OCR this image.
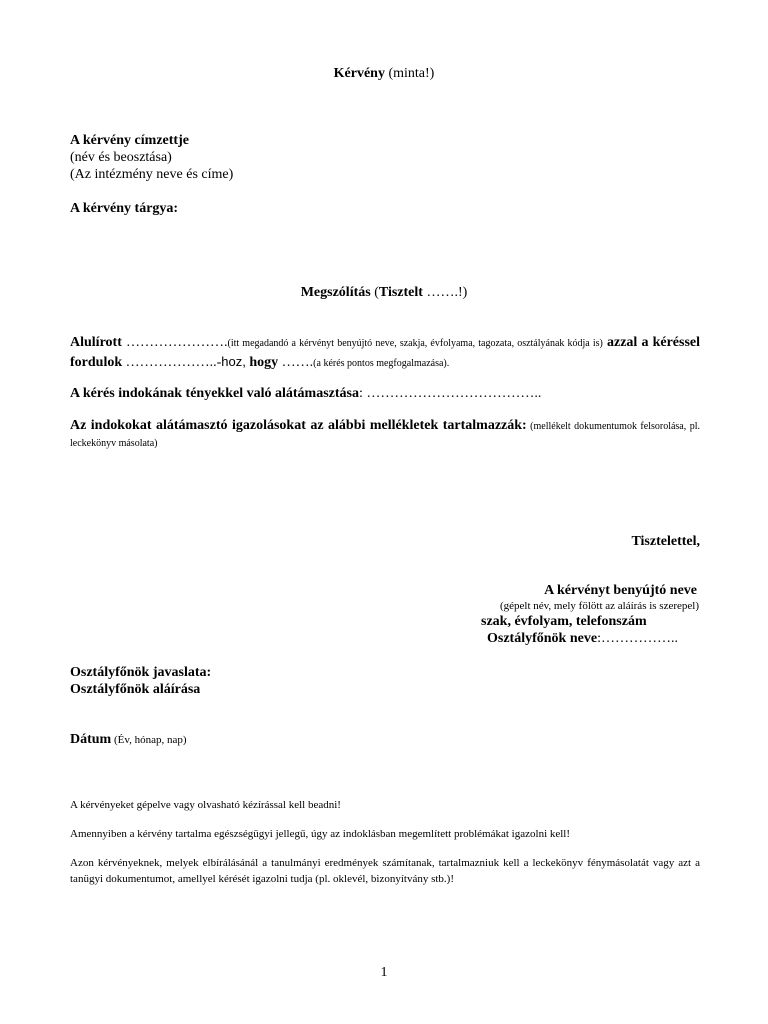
Kérvény (minta!)
A kérvény címzettje
(név és beosztása)
(Az intézmény neve és címe)
A kérvény tárgya:
Megszólítás (Tisztelt …….!)
Alulírott ………………….(itt megadandó a kérvényt benyújtó neve, szakja, évfolyama, tagozata, osztályának kódja is) azzal a kéréssel fordulok ………………..-hoz, hogy …….(a kérés pontos megfogalmazása).
A kérés indokának tényekkel való alátámasztása: ………………………………..
Az indokokat alátámasztó igazolásokat az alábbi mellékletek tartalmazzák: (mellékelt dokumentumok felsorolása, pl. leckekönyv másolata)
Tisztelettel,
A kérvényt benyújtó neve
(gépelt név, mely fölött az aláírás is szerepel)
szak, évfolyam, telefonszám
Osztályfőnök neve:……………..
Osztályfőnök javaslata:
Osztályfőnök aláírása
Dátum (Év, hónap, nap)
A kérvényeket gépelve vagy olvasható kézírással kell beadni!
Amennyiben a kérvény tartalma egészségügyi jellegű, úgy az indoklásban megemlített problémákat igazolni kell!
Azon kérvényeknek, melyek elbírálásánál a tanulmányi eredmények számítanak, tartalmazniuk kell a leckekönyv fénymásolatát vagy azt a tanügyi dokumentumot, amellyel kérését igazolni tudja (pl. oklevél, bizonyítvány stb.)!
1
